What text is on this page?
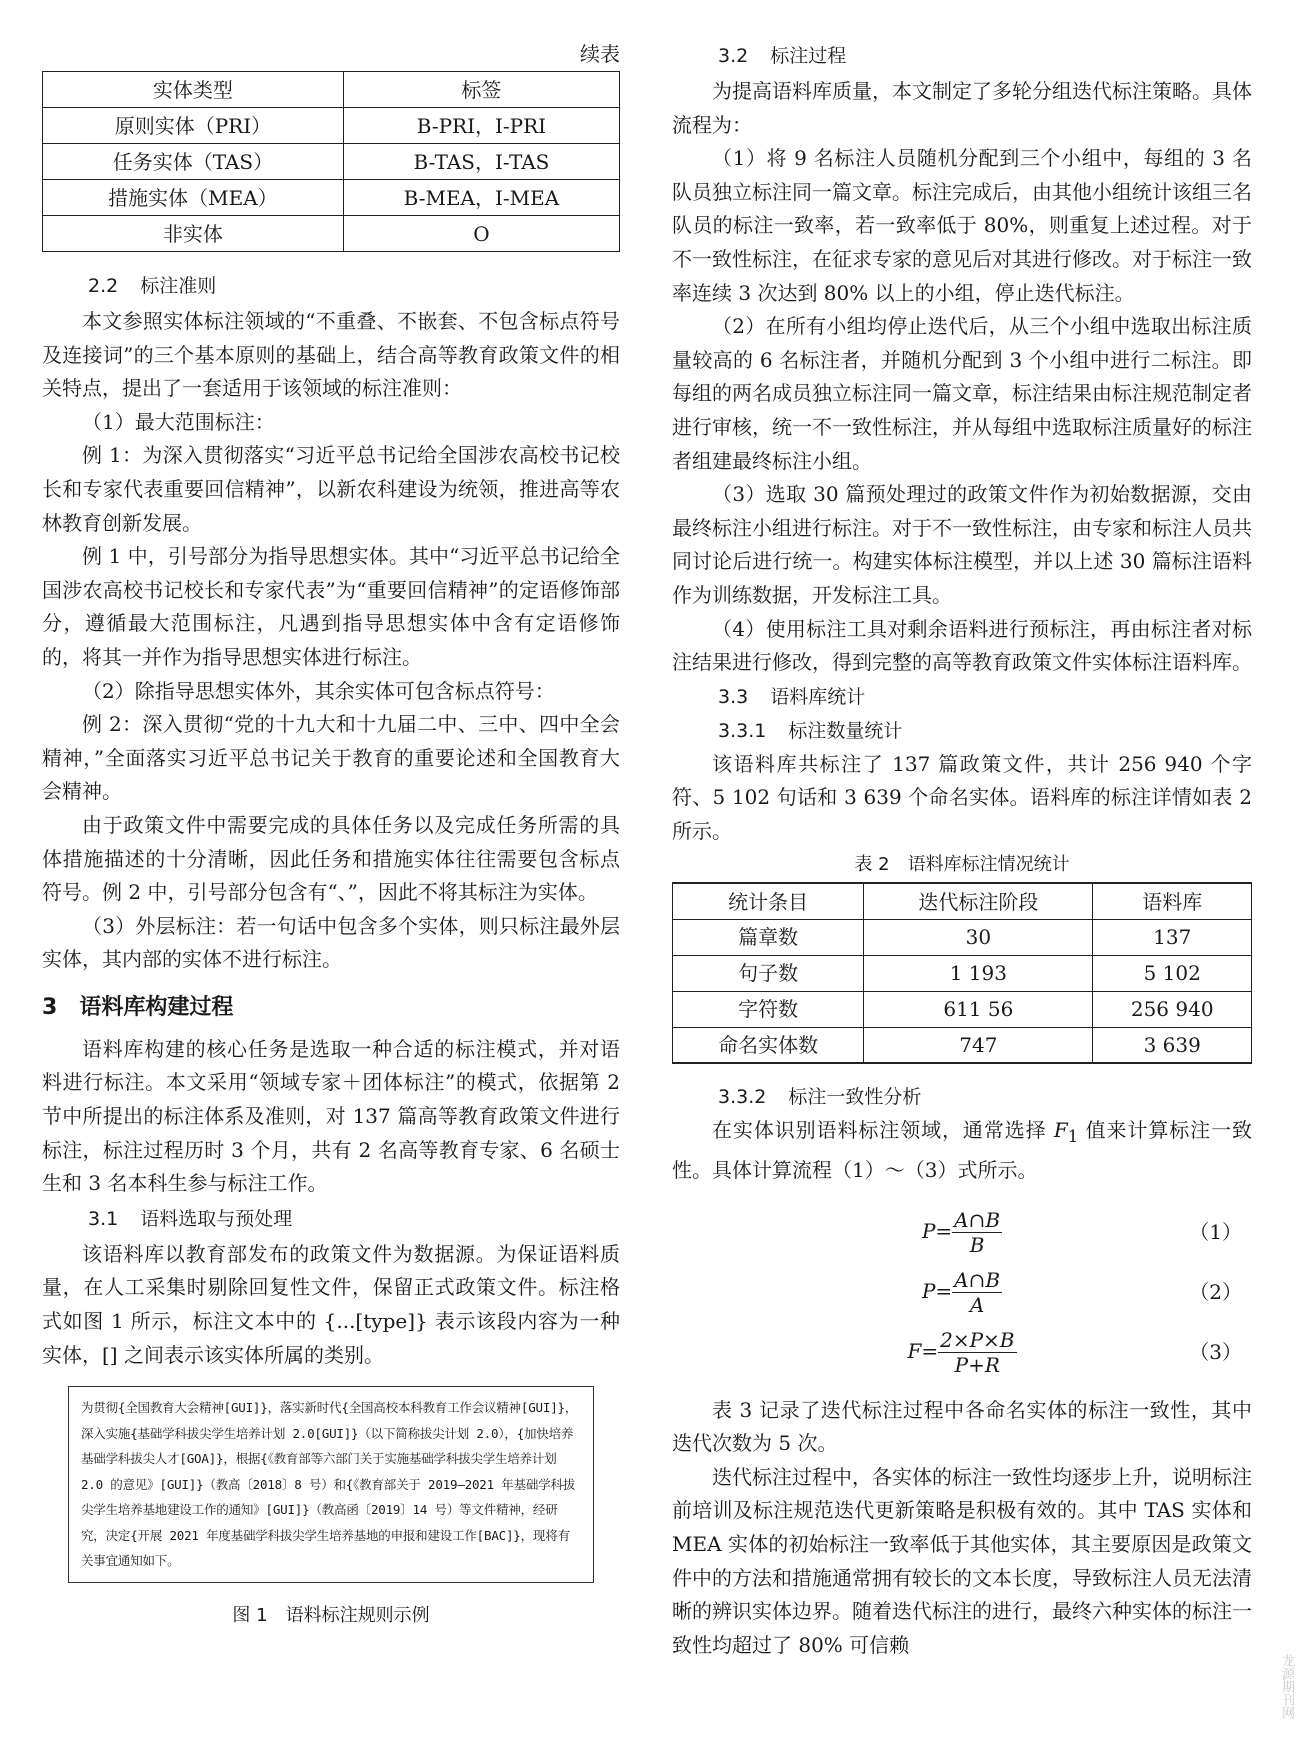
续表
实体类型	标签
原则实体（PRI）	B-PRI，I-PRI
任务实体（TAS）	B-TAS，I-TAS
措施实体（MEA）	B-MEA，I-MEA
非实体	O
2.2 标注准则

本文参照实体标注领域的“不重叠、不嵌套、不包含标点符号及连接词”的三个基本原则的基础上，结合高等教育政策文件的相关特点，提出了一套适用于该领域的标注准则：

（1）最大范围标注：

例 1：为深入贯彻落实“习近平总书记给全国涉农高校书记校长和专家代表重要回信精神”，以新农科建设为统领，推进高等农林教育创新发展。

例 1 中，引号部分为指导思想实体。其中“习近平总书记给全国涉农高校书记校长和专家代表”为“重要回信精神”的定语修饰部分，遵循最大范围标注，凡遇到指导思想实体中含有定语修饰的，将其一并作为指导思想实体进行标注。

（2）除指导思想实体外，其余实体可包含标点符号：

例 2：深入贯彻“党的十九大和十九届二中、三中、四中全会精神，”全面落实习近平总书记关于教育的重要论述和全国教育大会精神。

由于政策文件中需要完成的具体任务以及完成任务所需的具体措施描述的十分清晰，因此任务和措施实体往往需要包含标点符号。例 2 中，引号部分包含有“、”，因此不将其标注为实体。

（3）外层标注：若一句话中包含多个实体，则只标注最外层实体，其内部的实体不进行标注。

3 语料库构建过程

语料库构建的核心任务是选取一种合适的标注模式，并对语料进行标注。本文采用“领域专家＋团体标注”的模式，依据第 2 节中所提出的标注体系及准则，对 137 篇高等教育政策文件进行标注，标注过程历时 3 个月，共有 2 名高等教育专家、6 名硕士生和 3 名本科生参与标注工作。

3.1 语料选取与预处理

该语料库以教育部发布的政策文件为数据源。为保证语料质量，在人工采集时剔除回复性文件，保留正式政策文件。标注格式如图 1 所示，标注文本中的 {...[type]} 表示该段内容为一种实体，[] 之间表示该实体所属的类别。

为贯彻{全国教育大会精神[GUI]}，落实新时代{全国高校本科教育工作会议精神[GUI]}，深入实施{基础学科拔尖学生培养计划 2.0[GUI]}（以下简称拔尖计划 2.0），{加快培养基础学科拔尖人才[GOA]}，根据{《教育部等六部门关于实施基础学科拔尖学生培养计划 2.0 的意见》[GUI]}（教高〔2018〕8 号）和{《教育部关于 2019—2021 年基础学科拔尖学生培养基地建设工作的通知》[GUI]}（教高函〔2019〕14 号）等文件精神，经研究，决定{开展 2021 年度基础学科拔尖学生培养基地的申报和建设工作[BAC]}，现将有关事宜通知如下。
图 1　语料标注规则示例
3.2 标注过程

为提高语料库质量，本文制定了多轮分组迭代标注策略。具体流程为：

（1）将 9 名标注人员随机分配到三个小组中，每组的 3 名队员独立标注同一篇文章。标注完成后，由其他小组统计该组三名队员的标注一致率，若一致率低于 80%，则重复上述过程。对于不一致性标注，在征求专家的意见后对其进行修改。对于标注一致率连续 3 次达到 80% 以上的小组，停止迭代标注。

（2）在所有小组均停止迭代后，从三个小组中选取出标注质量较高的 6 名标注者，并随机分配到 3 个小组中进行二标注。即每组的两名成员独立标注同一篇文章，标注结果由标注规范制定者进行审核，统一不一致性标注，并从每组中选取标注质量好的标注者组建最终标注小组。

（3）选取 30 篇预处理过的政策文件作为初始数据源，交由最终标注小组进行标注。对于不一致性标注，由专家和标注人员共同讨论后进行统一。构建实体标注模型，并以上述 30 篇标注语料作为训练数据，开发标注工具。

（4）使用标注工具对剩余语料进行预标注，再由标注者对标注结果进行修改，得到完整的高等教育政策文件实体标注语料库。

3.3 语料库统计
3.3.1 标注数量统计

该语料库共标注了 137 篇政策文件，共计 256 940 个字符、5 102 句话和 3 639 个命名实体。语料库的标注详情如表 2 所示。

表 2　语料库标注情况统计
统计条目	迭代标注阶段	语料库
篇章数	30	137
句子数	1 193	5 102
字符数	611 56	256 940
命名实体数	747	3 639
3.3.2 标注一致性分析

在实体识别语料标注领域，通常选择 $F_1$ 值来计算标注一致性。具体计算流程（1）～（3）式所示。

$P= \frac{A\cap B}{B}$	（1）
$P= \frac{A\cap B}{A}$	（2）
$F= \frac{2\times P\times B}{P+R}$	（3）

表 3 记录了迭代标注过程中各命名实体的标注一致性，其中迭代次数为 5 次。

迭代标注过程中，各实体的标注一致性均逐步上升，说明标注前培训及标注规范迭代更新策略是积极有效的。其中 TAS 实体和 MEA 实体的初始标注一致率低于其他实体，其主要原因是政策文件中的方法和措施通常拥有较长的文本长度，导致标注人员无法清晰的辨识实体边界。随着迭代标注的进行，最终六种实体的标注一致性均超过了 80% 可信赖

龙源期刊网
